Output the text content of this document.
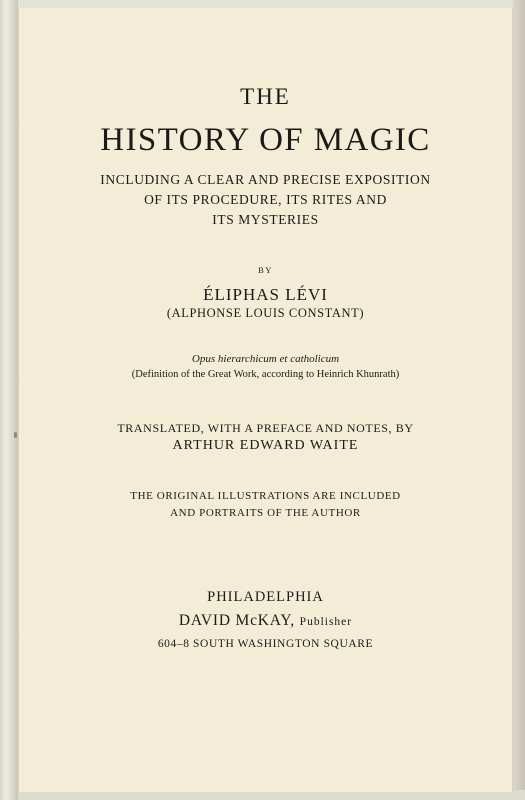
THE
HISTORY OF MAGIC
INCLUDING A CLEAR AND PRECISE EXPOSITION
OF ITS PROCEDURE, ITS RITES AND
ITS MYSTERIES
BY
ÉLIPHAS LÉVI
(ALPHONSE LOUIS CONSTANT)
Opus hierarchicum et catholicum
(Definition of the Great Work, according to Heinrich Khunrath)
TRANSLATED, WITH A PREFACE AND NOTES, BY
ARTHUR EDWARD WAITE
THE ORIGINAL ILLUSTRATIONS ARE INCLUDED
AND PORTRAITS OF THE AUTHOR
PHILADELPHIA
DAVID McKAY, Publisher
604–8 SOUTH WASHINGTON SQUARE
